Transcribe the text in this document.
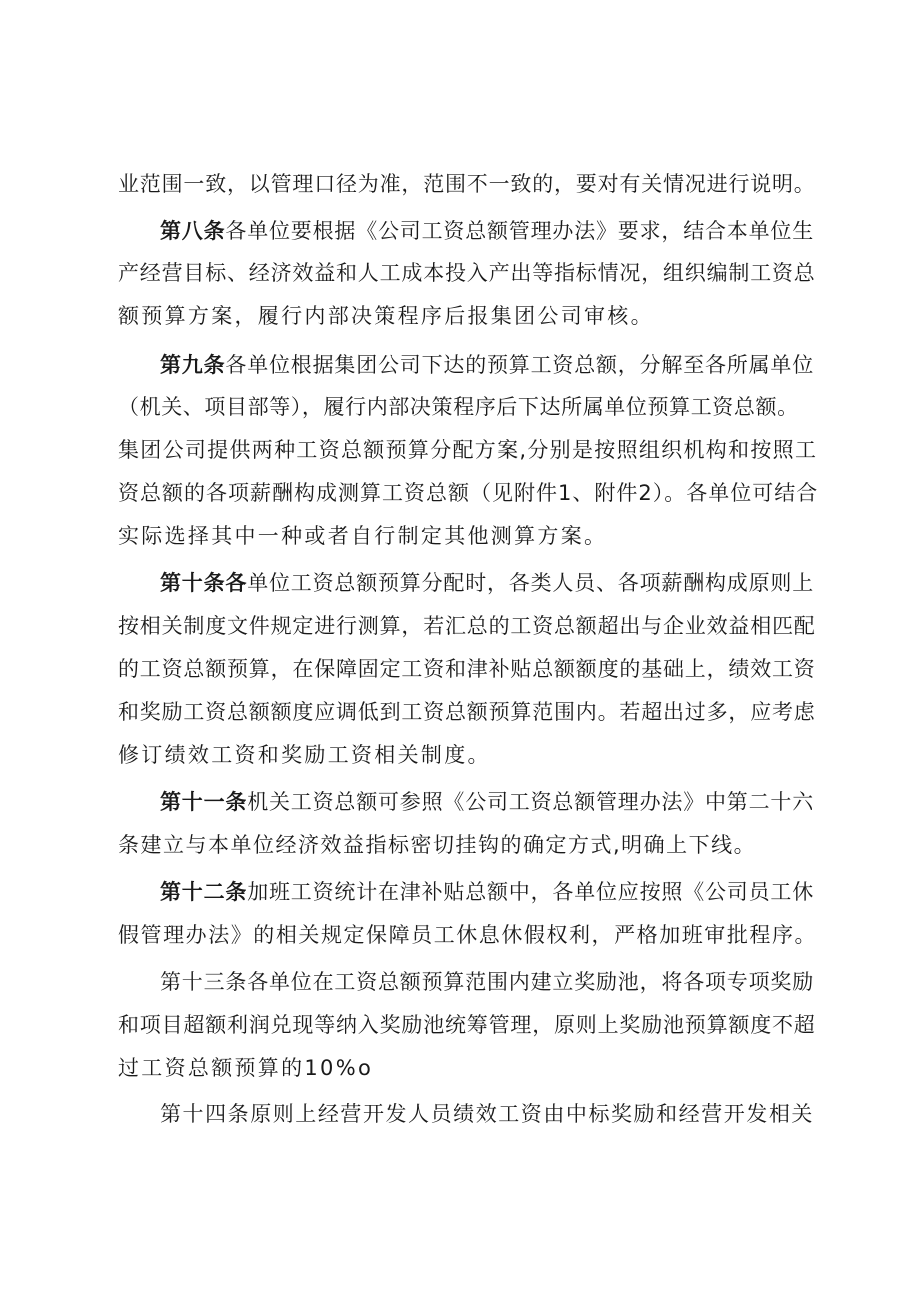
业范围一致，以管理口径为准，范围不一致的，要对有关情况进行说明。
第八条各单位要根据《公司工资总额管理办法》要求，结合本单位生
产经营目标、经济效益和人工成本投入产出等指标情况，组织编制工资总
额预算方案，履行内部决策程序后报集团公司审核。
第九条各单位根据集团公司下达的预算工资总额，分解至各所属单位
（机关、项目部等），履行内部决策程序后下达所属单位预算工资总额。
集团公司提供两种工资总额预算分配方案,分别是按照组织机构和按照工
资总额的各项薪酬构成测算工资总额（见附件1、附件2）。各单位可结合
实际选择其中一种或者自行制定其他测算方案。
第十条各单位工资总额预算分配时，各类人员、各项薪酬构成原则上
按相关制度文件规定进行测算，若汇总的工资总额超出与企业效益相匹配
的工资总额预算，在保障固定工资和津补贴总额额度的基础上，绩效工资
和奖励工资总额额度应调低到工资总额预算范围内。若超出过多，应考虑
修订绩效工资和奖励工资相关制度。
第十一条机关工资总额可参照《公司工资总额管理办法》中第二十六
条建立与本单位经济效益指标密切挂钩的确定方式,明确上下线。
第十二条加班工资统计在津补贴总额中，各单位应按照《公司员工休
假管理办法》的相关规定保障员工休息休假权利，严格加班审批程序。
第十三条各单位在工资总额预算范围内建立奖励池，将各项专项奖励
和项目超额利润兑现等纳入奖励池统筹管理，原则上奖励池预算额度不超
过工资总额预算的10%o
第十四条原则上经营开发人员绩效工资由中标奖励和经营开发相关
